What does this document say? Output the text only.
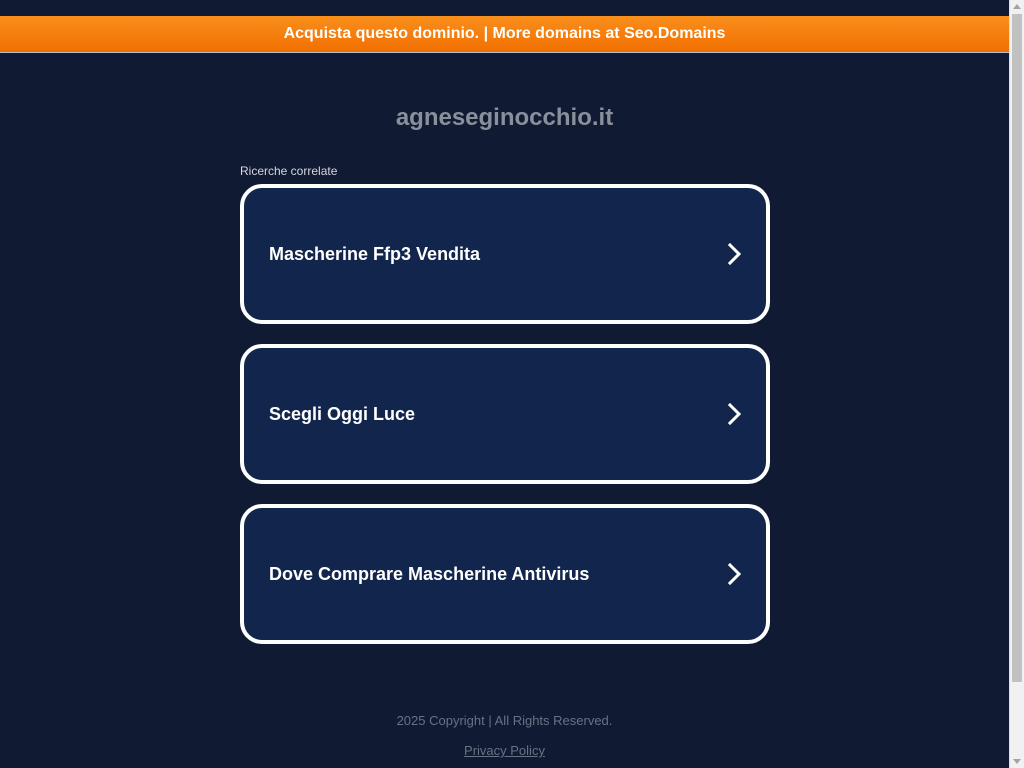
Acquista questo dominio. | More domains at Seo.Domains
agneseginocchio.it
Ricerche correlate
Mascherine Ffp3 Vendita
Scegli Oggi Luce
Dove Comprare Mascherine Antivirus
2025 Copyright | All Rights Reserved.
Privacy Policy
